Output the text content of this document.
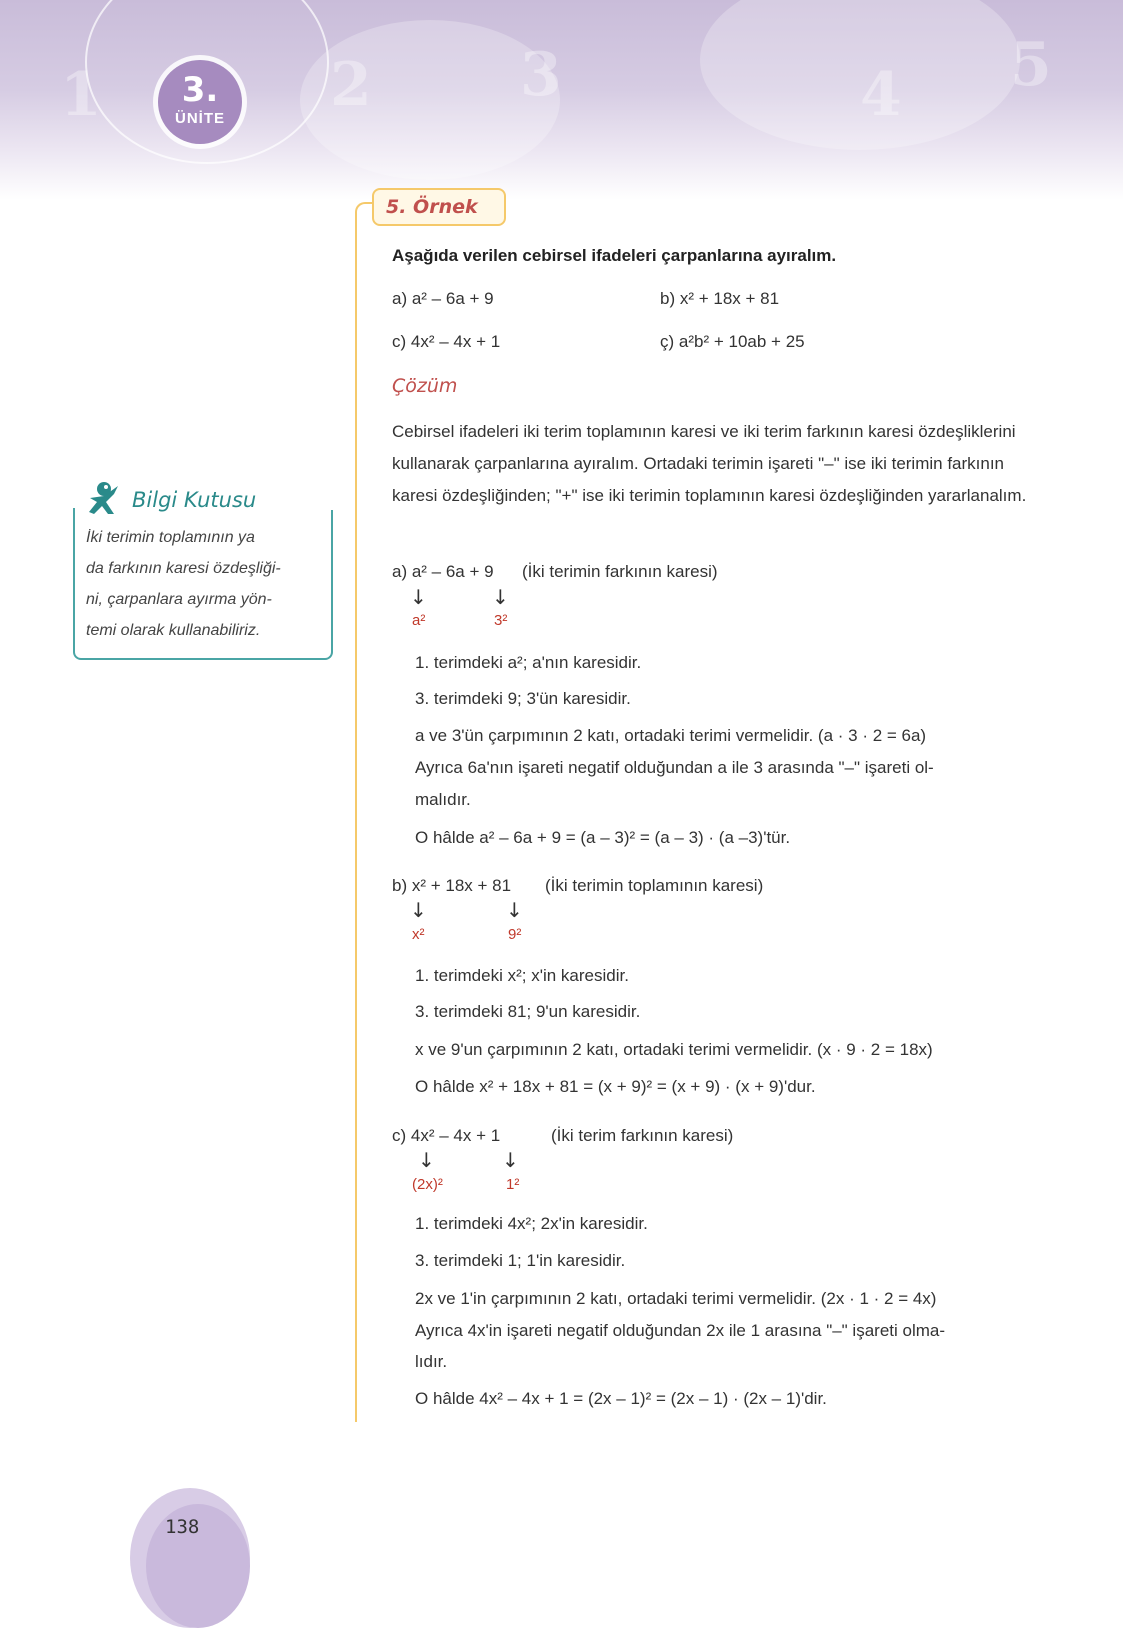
1	2 3	4 5
3.
ÜNİTE
5. Örnek
Aşağıda verilen cebirsel ifadeleri çarpanlarına ayıralım.
a) a² – 6a + 9	b) x² + 18x + 81
c) 4x² – 4x + 1	ç) a²b² + 10ab + 25
Çözüm
Cebirsel ifadeleri iki terim toplamının karesi ve iki terim farkının karesi özdeşliklerini kullanarak çarpanlarına ayıralım. Ortadaki terimin işareti "–" ise iki terimin farkının karesi özdeşliğinden; "+" ise iki terimin toplamının karesi özdeşliğinden yararlanalım.
a) a² – 6a + 9 (İki terimin farkının karesi)
↓	↓
a²	3²
1. terimdeki a²; a'nın karesidir.
3. terimdeki 9; 3'ün karesidir.
a ve 3'ün çarpımının 2 katı, ortadaki terimi vermelidir. (a · 3 · 2 = 6a)
Ayrıca 6a'nın işareti negatif olduğundan a ile 3 arasında "–" işareti ol-
malıdır.
O hâlde a² – 6a + 9 = (a – 3)² = (a – 3) · (a –3)'tür.
b) x² + 18x + 81 (İki terimin toplamının karesi)
↓	↓
x²	9²
1. terimdeki x²; x'in karesidir.
3. terimdeki 81; 9'un karesidir.
x ve 9'un çarpımının 2 katı, ortadaki terimi vermelidir. (x · 9 · 2 = 18x)
O hâlde x² + 18x + 81 = (x + 9)² = (x + 9) · (x + 9)'dur.
c) 4x² – 4x + 1	(İki terim farkının karesi)
↓	↓
(2x)²	1²
1. terimdeki 4x²; 2x'in karesidir.
3. terimdeki 1; 1'in karesidir.
2x ve 1'in çarpımının 2 katı, ortadaki terimi vermelidir. (2x · 1 · 2 = 4x)
Ayrıca 4x'in işareti negatif olduğundan 2x ile 1 arasına "–" işareti olma-
lıdır.
O hâlde 4x² – 4x + 1 = (2x – 1)² = (2x – 1) · (2x – 1)'dir.
Bilgi Kutusu
İki terimin toplamının ya
da farkının karesi özdeşliği-
ni, çarpanlara ayırma yön-
temi olarak kullanabiliriz.
138
